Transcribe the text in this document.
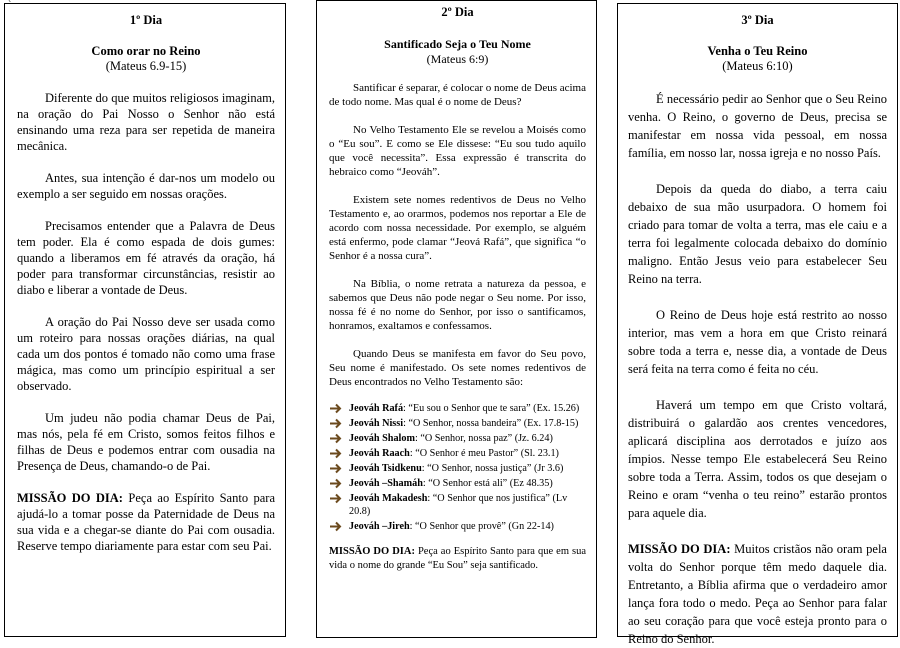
1º Dia
Como orar no Reino
(Mateus 6.9-15)

Diferente do que muitos religiosos imaginam, na oração do Pai Nosso o Senhor não está ensinando uma reza para ser repetida de maneira mecânica.

Antes, sua intenção é dar-nos um modelo ou exemplo a ser seguido em nossas orações.

Precisamos entender que a Palavra de Deus tem poder. Ela é como espada de dois gumes: quando a liberamos em fé através da oração, há poder para transformar circunstâncias, resistir ao diabo e liberar a vontade de Deus.

A oração do Pai Nosso deve ser usada como um roteiro para nossas orações diárias, na qual cada um dos pontos é tomado não como uma frase mágica, mas como um princípio espiritual a ser observado.

Um judeu não podia chamar Deus de Pai, mas nós, pela fé em Cristo, somos feitos filhos e filhas de Deus e podemos entrar com ousadia na Presença de Deus, chamando-o de Pai.

MISSÃO DO DIA: Peça ao Espírito Santo para ajudá-lo a tomar posse da Paternidade de Deus na sua vida e a chegar-se diante do Pai com ousadia. Reserve tempo diariamente para estar com seu Pai.

2º Dia
Santificado Seja o Teu Nome
(Mateus 6:9)

Santificar é separar, é colocar o nome de Deus acima de todo nome. Mas qual é o nome de Deus?

No Velho Testamento Ele se revelou a Moisés como o “Eu sou”. E como se Ele dissese: “Eu sou tudo aquilo que você necessita”. Essa expressão é transcrita do hebraico como “Jeováh”.

Existem sete nomes redentivos de Deus no Velho Testamento e, ao orarmos, podemos nos reportar a Ele de acordo com nossa necessidade. Por exemplo, se alguém está enfermo, pode clamar “Jeová Rafá”, que significa “o Senhor é a nossa cura”.

Na Bíblia, o nome retrata a natureza da pessoa, e sabemos que Deus não pode negar o Seu nome. Por isso, nossa fé é no nome do Senhor, por isso o santificamos, honramos, exaltamos e confessamos.

Quando Deus se manifesta em favor do Seu povo, Seu nome é manifestado. Os sete nomes redentivos de Deus encontrados no Velho Testamento são:

Jeováh Rafá: “Eu sou o Senhor que te sara” (Ex. 15.26)
Jeováh Nissi: “O Senhor, nossa bandeira” (Ex. 17.8-15)
Jeováh Shalom: “O Senhor, nossa paz” (Jz. 6.24)
Jeováh Raach: “O Senhor é meu Pastor” (Sl. 23.1)
Jeováh Tsidkenu: “O Senhor, nossa justiça” (Jr 3.6)
Jeováh –Shamáh: “O Senhor está ali” (Ez 48.35)
Jeováh Makadesh: “O Senhor que nos justifica” (Lv 20.8)
Jeováh –Jireh: “O Senhor que provê” (Gn 22-14)

MISSÃO DO DIA: Peça ao Espírito Santo para que em sua vida o nome do grande “Eu Sou” seja santificado.

3º Dia
Venha o Teu Reino
(Mateus 6:10)

É necessário pedir ao Senhor que o Seu Reino venha. O Reino, o governo de Deus, precisa se manifestar em nossa vida pessoal, em nossa família, em nosso lar, nossa igreja e no nosso País.

Depois da queda do diabo, a terra caiu debaixo de sua mão usurpadora. O homem foi criado para tomar de volta a terra, mas ele caiu e a terra foi legalmente colocada debaixo do domínio maligno. Então Jesus veio para estabelecer Seu Reino na terra.

O Reino de Deus hoje está restrito ao nosso interior, mas vem a hora em que Cristo reinará sobre toda a terra e, nesse dia, a vontade de Deus será feita na terra como é feita no céu.

Haverá um tempo em que Cristo voltará, distribuirá o galardão aos crentes vencedores, aplicará disciplina aos derrotados e juízo aos ímpios. Nesse tempo Ele estabelecerá Seu Reino sobre toda a Terra. Assim, todos os que desejam o Reino e oram “venha o teu reino” estarão prontos para aquele dia.

MISSÃO DO DIA: Muitos cristãos não oram pela volta do Senhor porque têm medo daquele dia. Entretanto, a Bíblia afirma que o verdadeiro amor lança fora todo o medo. Peça ao Senhor para falar ao seu coração para que você esteja pronto para o Reino do Senhor.
